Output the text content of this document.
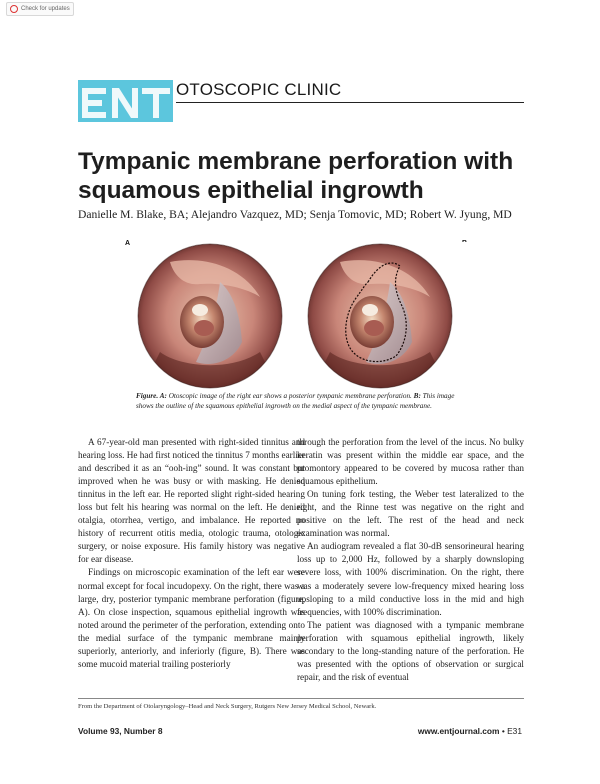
Check for updates
OTOSCOPIC CLINIC
Tympanic membrane perforation with
squamous epithelial ingrowth
Danielle M. Blake, BA; Alejandro Vazquez, MD; Senja Tomovic, MD; Robert W. Jyung, MD
A
Figure. A: Otoscopic image of the right ear shows a posterior tympanic membrane perforation. B: This image shows the outline of the squamous epithelial ingrowth on the medial aspect of the tympanic membrane.

A 67-year-old man presented with right-sided tinnitus and hearing loss. He had first noticed the tinnitus 7 months earlier and described it as an “ooh-ing” sound. It was constant but improved when he was busy or with masking. He denied tinnitus in the left ear. He reported slight right-sided hearing loss but felt his hearing was normal on the left. He denied otalgia, otorrhea, vertigo, and imbalance. He reported no history of recurrent otitis media, otologic trauma, otologic surgery, or noise exposure. His family history was negative for ear disease.

Findings on microscopic examination of the left ear were normal except for focal incudopexy. On the right, there was a large, dry, posterior tympanic membrane perforation (figure, A). On close inspection, squamous epithelial ingrowth was noted around the perimeter of the perforation, extending onto the medial surface of the tympanic membrane mainly superiorly, anteriorly, and inferiorly (figure, B). There was some mucoid material trailing posteriorly

through the perforation from the level of the incus. No bulky keratin was present within the middle ear space, and the promontory appeared to be covered by mucosa rather than squamous epithelium.

On tuning fork testing, the Weber test lateralized to the right, and the Rinne test was negative on the right and positive on the left. The rest of the head and neck examination was normal.

An audiogram revealed a flat 30-dB sensorineural hearing loss up to 2,000 Hz, followed by a sharply downsloping severe loss, with 100% discrimination. On the right, there was a moderately severe low-frequency mixed hearing loss upsloping to a mild conductive loss in the mid and high frequencies, with 100% discrimination.

The patient was diagnosed with a tympanic membrane perforation with squamous epithelial ingrowth, likely secondary to the long-standing nature of the perforation. He was presented with the options of observation or surgical repair, and the risk of eventual

From the Department of Otolaryngology–Head and Neck Surgery, Rutgers New Jersey Medical School, Newark.
Volume 93, Number 8	www.entjournal.com • E31
